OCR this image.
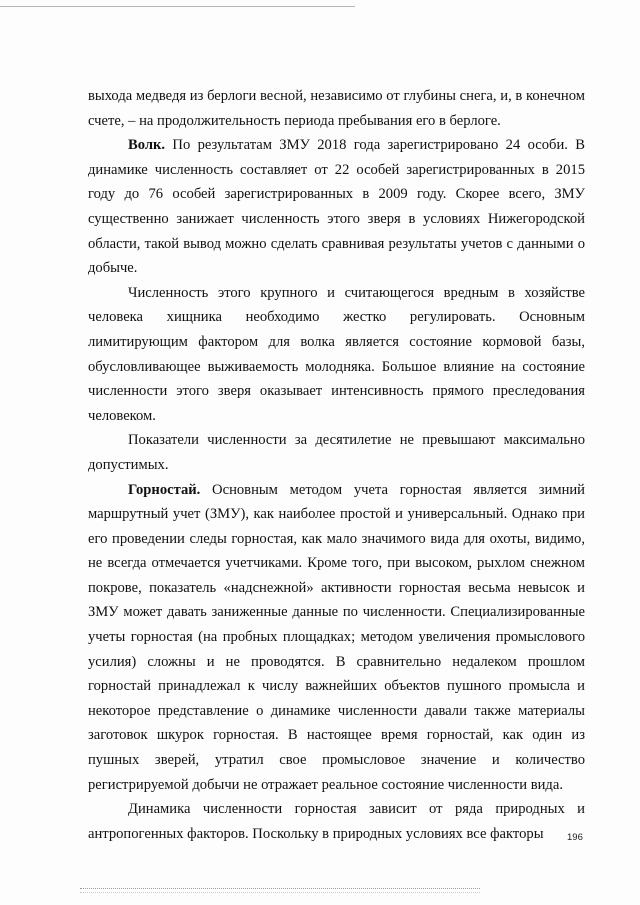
выхода медведя из берлоги весной, независимо от глубины снега, и, в конечном счете, – на продолжительность периода пребывания его в берлоге.

Волк. По результатам ЗМУ 2018 года зарегистрировано 24 особи. В динамике численность составляет от 22 особей зарегистрированных в 2015 году до 76 особей зарегистрированных в 2009 году. Скорее всего, ЗМУ существенно занижает численность этого зверя в условиях Нижегородской области, такой вывод можно сделать сравнивая результаты учетов с данными о добыче.

Численность этого крупного и считающегося вредным в хозяйстве человека хищника необходимо жестко регулировать. Основным лимитирующим фактором для волка является состояние кормовой базы, обусловливающее выживаемость молодняка. Большое влияние на состояние численности этого зверя оказывает интенсивность прямого преследования человеком.

Показатели численности за десятилетие не превышают максимально допустимых.

Горностай. Основным методом учета горностая является зимний маршрутный учет (ЗМУ), как наиболее простой и универсальный. Однако при его проведении следы горностая, как мало значимого вида для охоты, видимо, не всегда отмечается учетчиками. Кроме того, при высоком, рыхлом снежном покрове, показатель «надснежной» активности горностая весьма невысок и ЗМУ может давать заниженные данные по численности. Специализированные учеты горностая (на пробных площадках; методом увеличения промыслового усилия) сложны и не проводятся. В сравнительно недалеком прошлом горностай принадлежал к числу важнейших объектов пушного промысла и некоторое представление о динамике численности давали также материалы заготовок шкурок горностая. В настоящее время горностай, как один из пушных зверей, утратил свое промысловое значение и количество регистрируемой добычи не отражает реальное состояние численности вида.

Динамика численности горностая зависит от ряда природных и антропогенных факторов. Поскольку в природных условиях все факторы	196
